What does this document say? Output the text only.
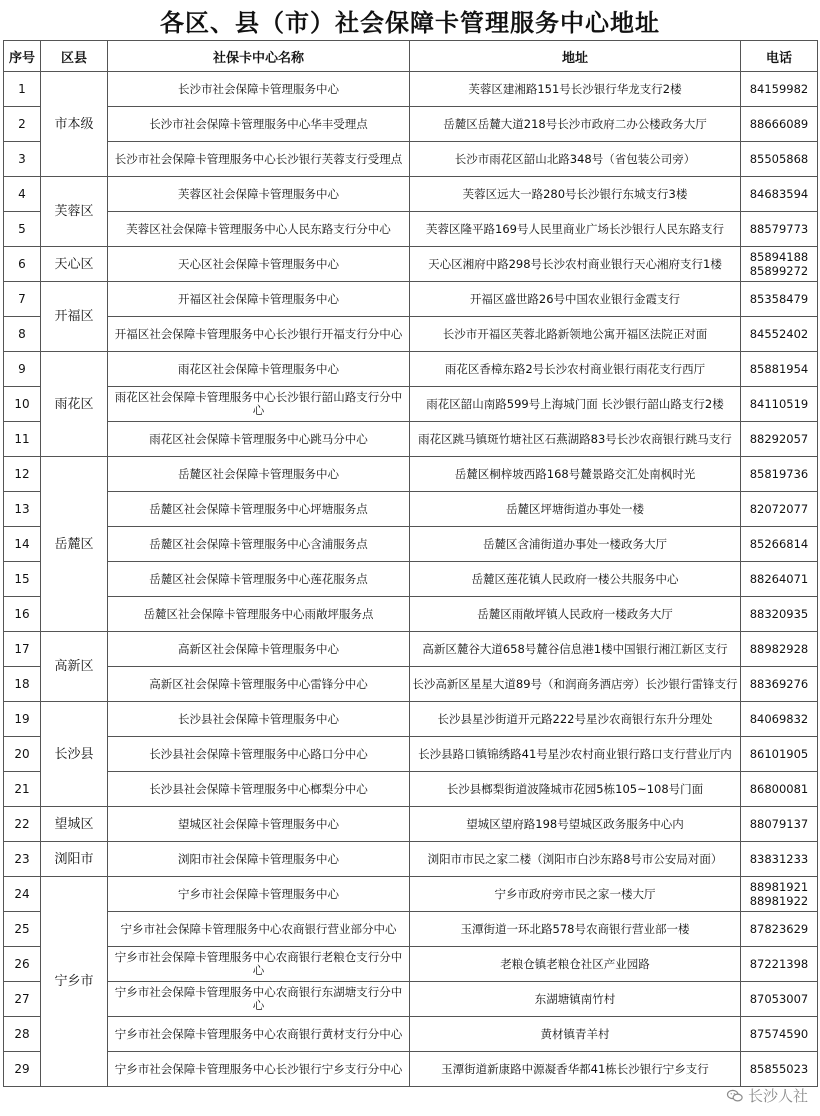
各区、县（市）社会保障卡管理服务中心地址
序号	区县	社保卡中心名称	地址	电话
1	市本级	长沙市社会保障卡管理服务中心	芙蓉区建湘路151号长沙银行华龙支行2楼	84159982

2		长沙市社会保障卡管理服务中心华丰受理点	岳麓区岳麓大道218号长沙市政府二办公楼政务大厅	88666089

3		长沙市社会保障卡管理服务中心长沙银行芙蓉支行受理点	长沙市雨花区韶山北路348号（省包装公司旁）	85505868

4	芙蓉区	芙蓉区社会保障卡管理服务中心	芙蓉区远大一路280号长沙银行东城支行3楼	84683594

5		芙蓉区社会保障卡管理服务中心人民东路支行分中心	芙蓉区隆平路169号人民里商业广场长沙银行人民东路支行	88579773

6	天心区	天心区社会保障卡管理服务中心	天心区湘府中路298号长沙农村商业银行天心湘府支行1楼	85894188
85899272

7	开福区	开福区社会保障卡管理服务中心	开福区盛世路26号中国农业银行金霞支行	85358479

8		开福区社会保障卡管理服务中心长沙银行开福支行分中心	长沙市开福区芙蓉北路新领地公寓开福区法院正对面	84552402

9	雨花区	雨花区社会保障卡管理服务中心	雨花区香樟东路2号长沙农村商业银行雨花支行西厅	85881954

10		雨花区社会保障卡管理服务中心长沙银行韶山路支行分中心	雨花区韶山南路599号上海城门面 长沙银行韶山路支行2楼	84110519

11		雨花区社会保障卡管理服务中心跳马分中心	雨花区跳马镇斑竹塘社区石燕湖路83号长沙农商银行跳马支行	88292057

12	岳麓区	岳麓区社会保障卡管理服务中心	岳麓区桐梓坡西路168号麓景路交汇处南枫时光	85819736

13		岳麓区社会保障卡管理服务中心坪塘服务点	岳麓区坪塘街道办事处一楼	82072077

14		岳麓区社会保障卡管理服务中心含浦服务点	岳麓区含浦街道办事处一楼政务大厅	85266814

15		岳麓区社会保障卡管理服务中心莲花服务点	岳麓区莲花镇人民政府一楼公共服务中心	88264071

16		岳麓区社会保障卡管理服务中心雨敞坪服务点	岳麓区雨敞坪镇人民政府一楼政务大厅	88320935

17	高新区	高新区社会保障卡管理服务中心	高新区麓谷大道658号麓谷信息港1楼中国银行湘江新区支行	88982928

18		高新区社会保障卡管理服务中心雷锋分中心	长沙高新区星星大道89号（和润商务酒店旁）长沙银行雷锋支行	88369276

19	长沙县	长沙县社会保障卡管理服务中心	长沙县星沙街道开元路222号星沙农商银行东升分理处	84069832

20		长沙县社会保障卡管理服务中心路口分中心	长沙县路口镇锦绣路41号星沙农村商业银行路口支行营业厅内	86101905

21		长沙县社会保障卡管理服务中心榔梨分中心	长沙县榔梨街道波隆城市花园5栋105~108号门面	86800081

22	望城区	望城区社会保障卡管理服务中心	望城区望府路198号望城区政务服务中心内	88079137

23	浏阳市	浏阳市社会保障卡管理服务中心	浏阳市市民之家二楼（浏阳市白沙东路8号市公安局对面）	83831233

24	宁乡市	宁乡市社会保障卡管理服务中心	宁乡市政府旁市民之家一楼大厅	88981921
88981922

25		宁乡市社会保障卡管理服务中心农商银行营业部分中心	玉潭街道一环北路578号农商银行营业部一楼	87823629

26		宁乡市社会保障卡管理服务中心农商银行老粮仓支行分中心	老粮仓镇老粮仓社区产业园路	87221398

27		宁乡市社会保障卡管理服务中心农商银行东湖塘支行分中心	东湖塘镇南竹村	87053007

28		宁乡市社会保障卡管理服务中心农商银行黄材支行分中心	黄材镇青羊村	87574590

29		宁乡市社会保障卡管理服务中心长沙银行宁乡支行分中心	玉潭街道新康路中源凝香华都41栋长沙银行宁乡支行	85855023
长沙人社
